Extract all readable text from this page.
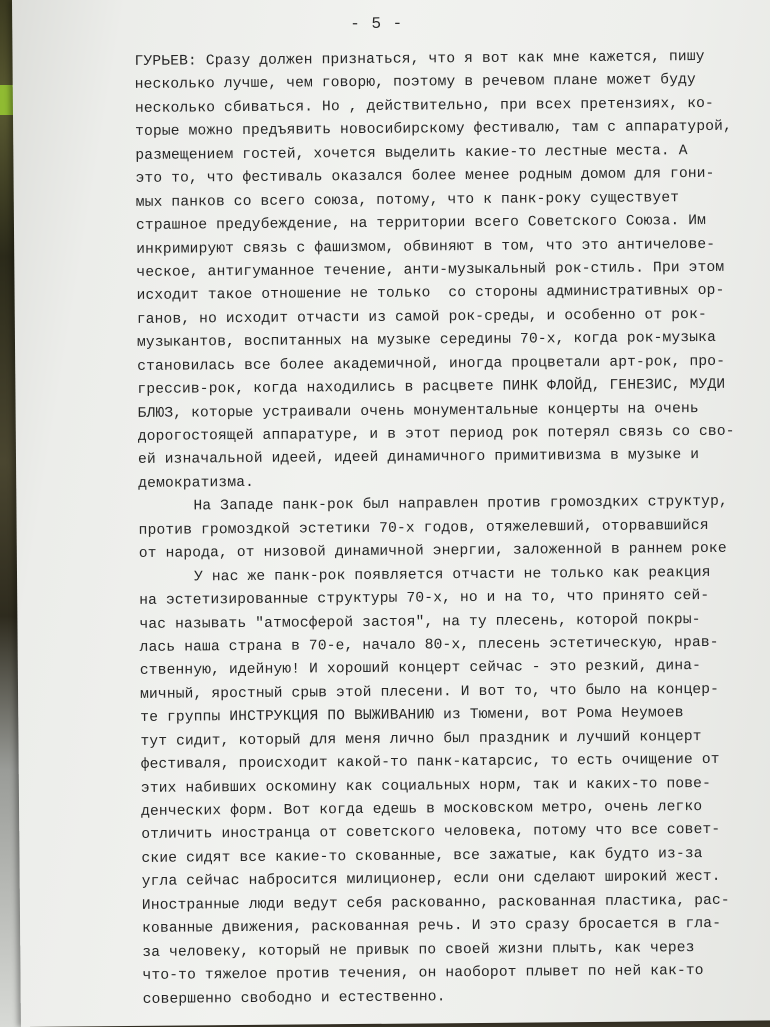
- 5 -
ГУРЬЕВ: Сразу должен признаться, что я вот как мне кажется, пишу
несколько лучше, чем говорю, поэтому в речевом плане может буду
несколько сбиваться. Но , действительно, при всех претензиях, ко-
торые можно предъявить новосибирскому фестивалю, там с аппаратурой,
размещением гостей, хочется выделить какие-то лестные места. А
это то, что фестиваль оказался более менее родным домом для гони-
мых панков со всего союза, потому, что к панк-року существует
страшное предубеждение, на территории всего Советского Союза. Им
инкримируют связь с фашизмом, обвиняют в том, что это античелове-
ческое, антигуманное течение, анти-музыкальный рок-стиль. При этом
исходит такое отношение не только  со стороны административных ор-
ганов, но исходит отчасти из самой рок-среды, и особенно от рок-
музыкантов, воспитанных на музыке середины 70-х, когда рок-музыка
становилась все более академичной, иногда процветали арт-рок, про-
грессив-рок, когда находились в расцвете ПИНК ФЛОЙД, ГЕНЕЗИС, МУДИ
БЛЮЗ, которые устраивали очень монументальные концерты на очень
дорогостоящей аппаратуре, и в этот период рок потерял связь со сво-
ей изначальной идеей, идеей динамичного примитивизма в музыке и
демократизма.
На Западе панк-рок был направлен против громоздких структур,
против громоздкой эстетики 70-х годов, отяжелевший, оторвавшийся
от народа, от низовой динамичной энергии, заложенной в раннем роке
У нас же панк-рок появляется отчасти не только как реакция
на эстетизированные структуры 70-х, но и на то, что принято сей-
час называть "атмосферой застоя", на ту плесень, которой покры-
лась наша страна в 70-е, начало 80-х, плесень эстетическую, нрав-
ственную, идейную! И хороший концерт сейчас - это резкий, дина-
мичный, яростный срыв этой плесени. И вот то, что было на концер-
те группы ИНСТРУКЦИЯ ПО ВЫЖИВАНИЮ из Тюмени, вот Рома Неумоев
тут сидит, который для меня лично был праздник и лучший концерт
фестиваля, происходит какой-то панк-катарсис, то есть очищение от
этих набивших оскомину как социальных норм, так и каких-то пове-
денческих форм. Вот когда едешь в московском метро, очень легко
отличить иностранца от советского человека, потому что все совет-
ские сидят все какие-то скованные, все зажатые, как будто из-за
угла сейчас набросится милиционер, если они сделают широкий жест.
Иностранные люди ведут себя раскованно, раскованная пластика, рас-
кованные движения, раскованная речь. И это сразу бросается в гла-
за человеку, который не привык по своей жизни плыть, как через
что-то тяжелое против течения, он наоборот плывет по ней как-то
совершенно свободно и естественно.
